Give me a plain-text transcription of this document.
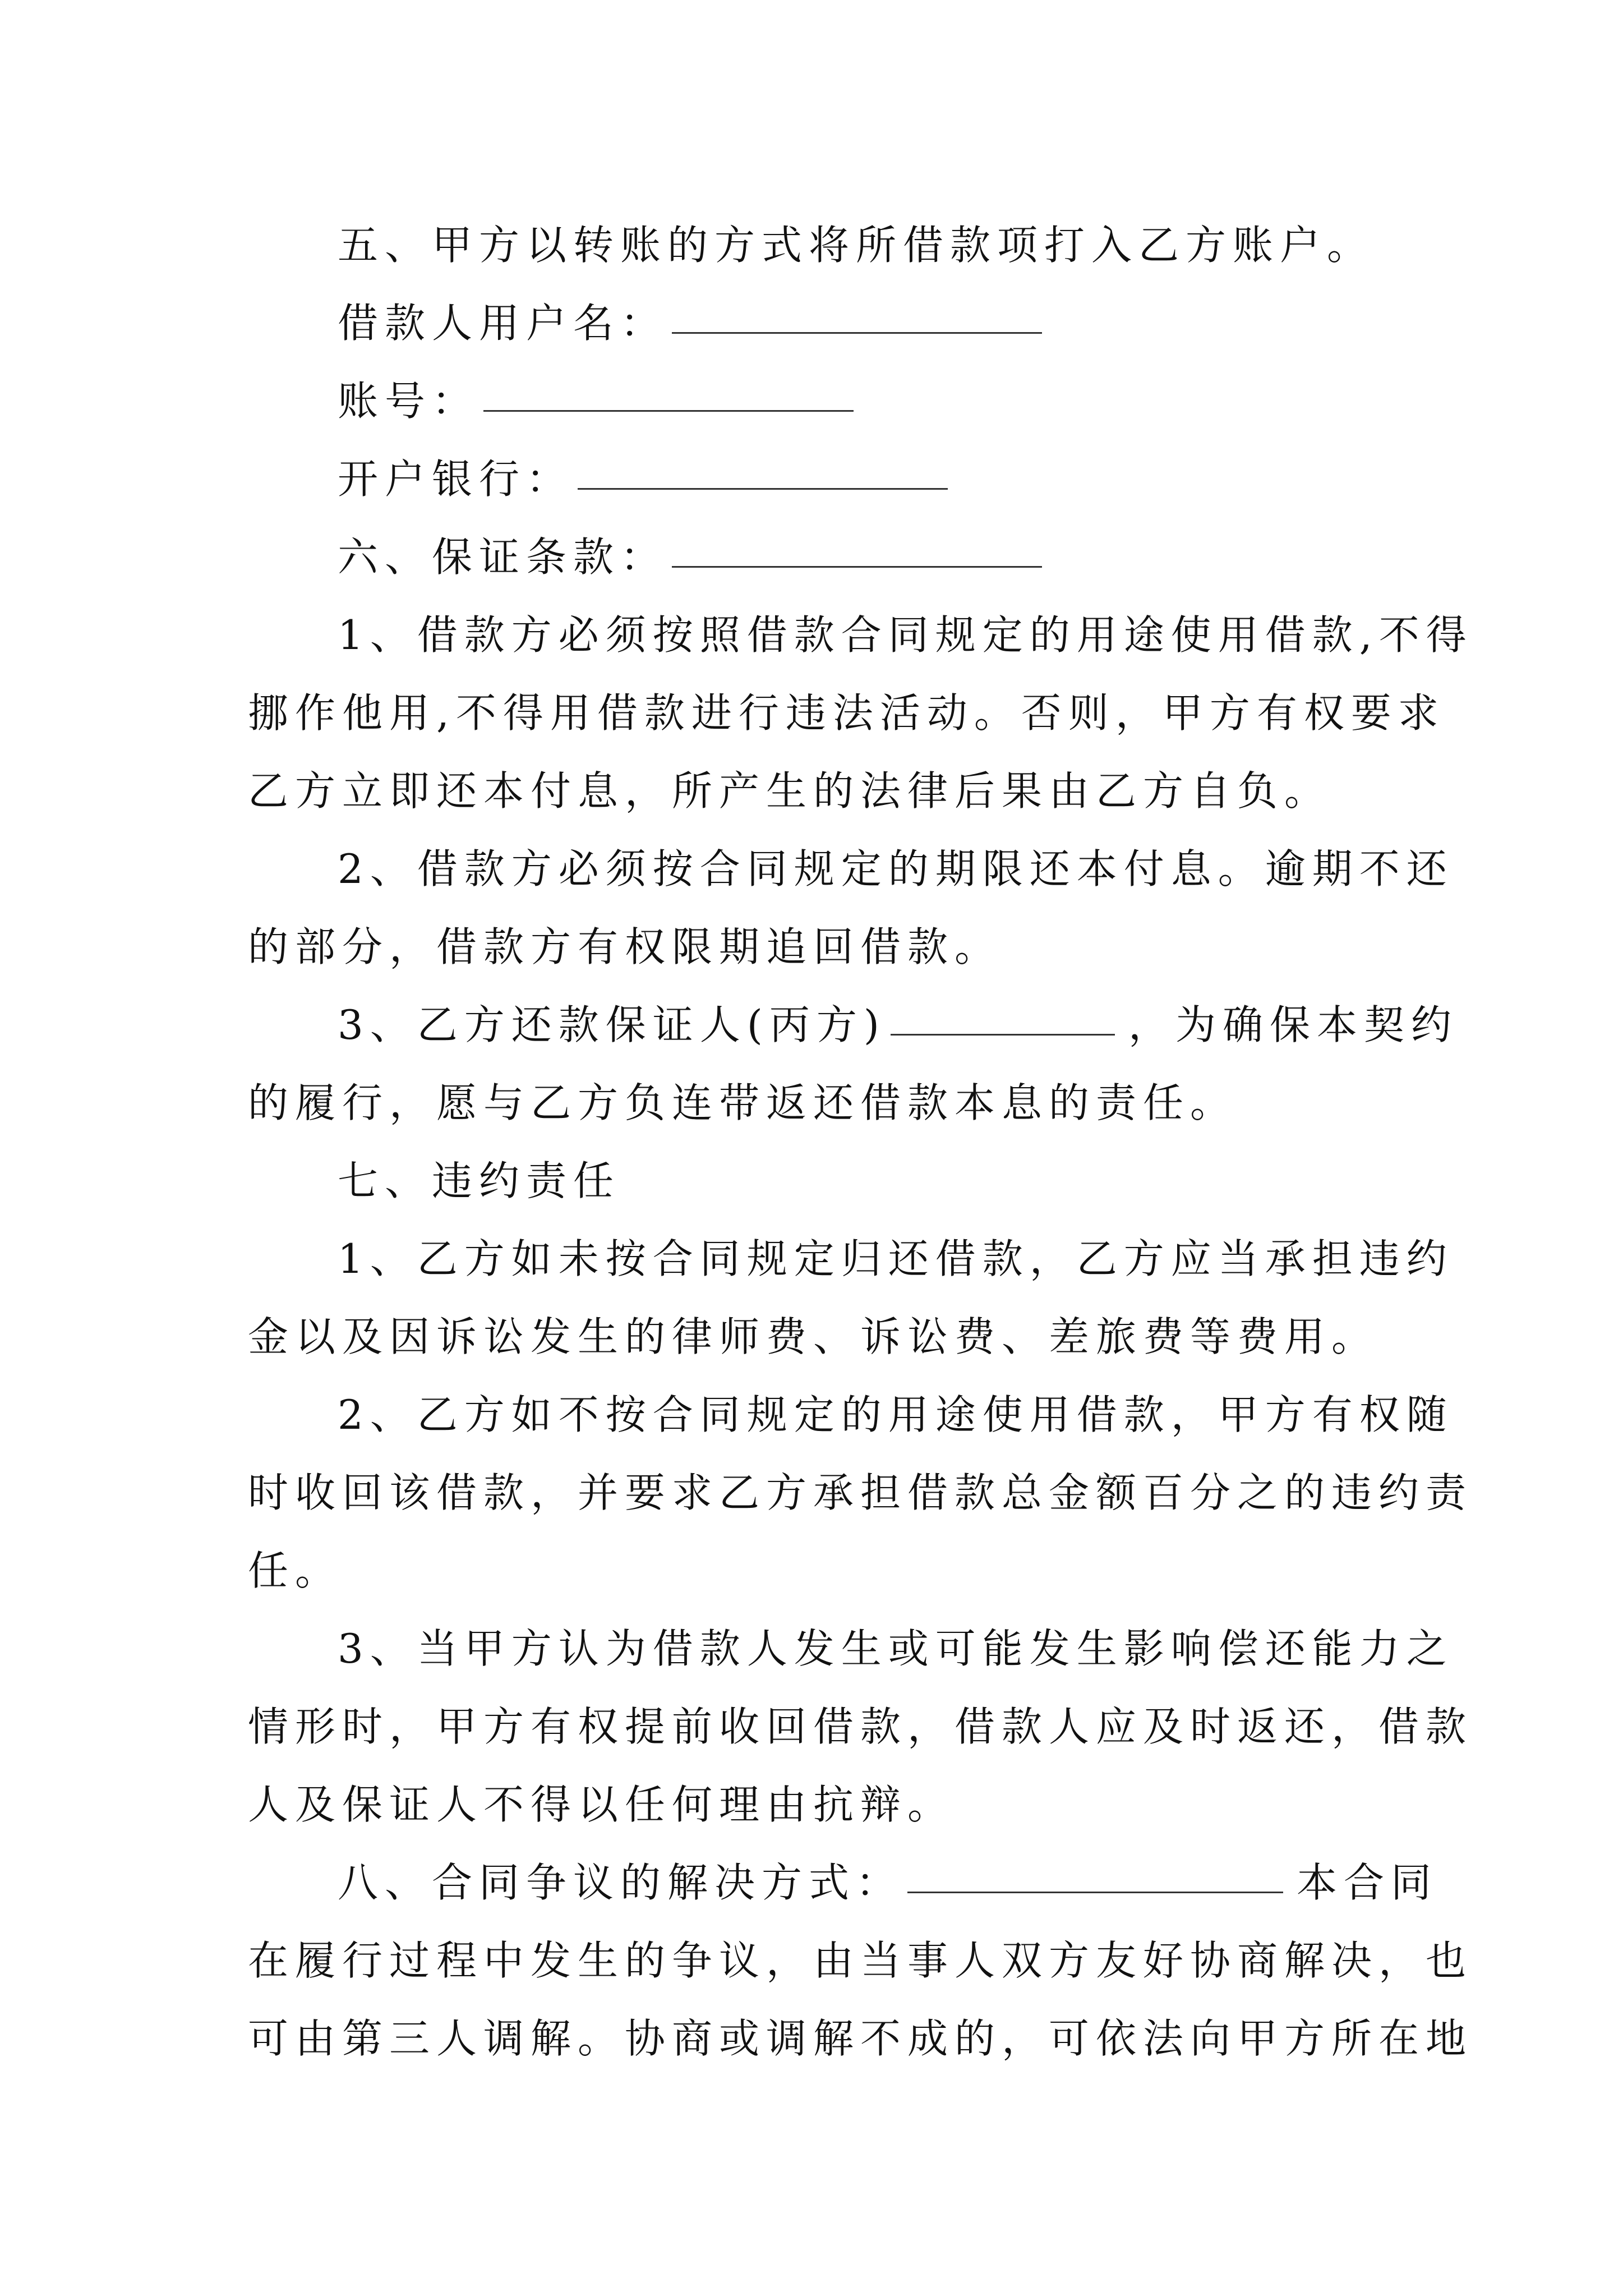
五、甲方以转账的方式将所借款项打入乙方账户。
借款人用户名：
账号：
开户银行：
六、保证条款：
1、借款方必须按照借款合同规定的用途使用借款,不得
挪作他用,不得用借款进行违法活动。否则，甲方有权要求
乙方立即还本付息，所产生的法律后果由乙方自负。
2、借款方必须按合同规定的期限还本付息。逾期不还
的部分，借款方有权限期追回借款。
3、乙方还款保证人(丙方)	，为确保本契约
的履行，愿与乙方负连带返还借款本息的责任。
七、违约责任
1、乙方如未按合同规定归还借款，乙方应当承担违约
金以及因诉讼发生的律师费、诉讼费、差旅费等费用。
2、乙方如不按合同规定的用途使用借款，甲方有权随
时收回该借款，并要求乙方承担借款总金额百分之的违约责
任。
3、当甲方认为借款人发生或可能发生影响偿还能力之
情形时，甲方有权提前收回借款，借款人应及时返还，借款
人及保证人不得以任何理由抗辩。
八、合同争议的解决方式：	本合同
在履行过程中发生的争议，由当事人双方友好协商解决，也
可由第三人调解。协商或调解不成的，可依法向甲方所在地
